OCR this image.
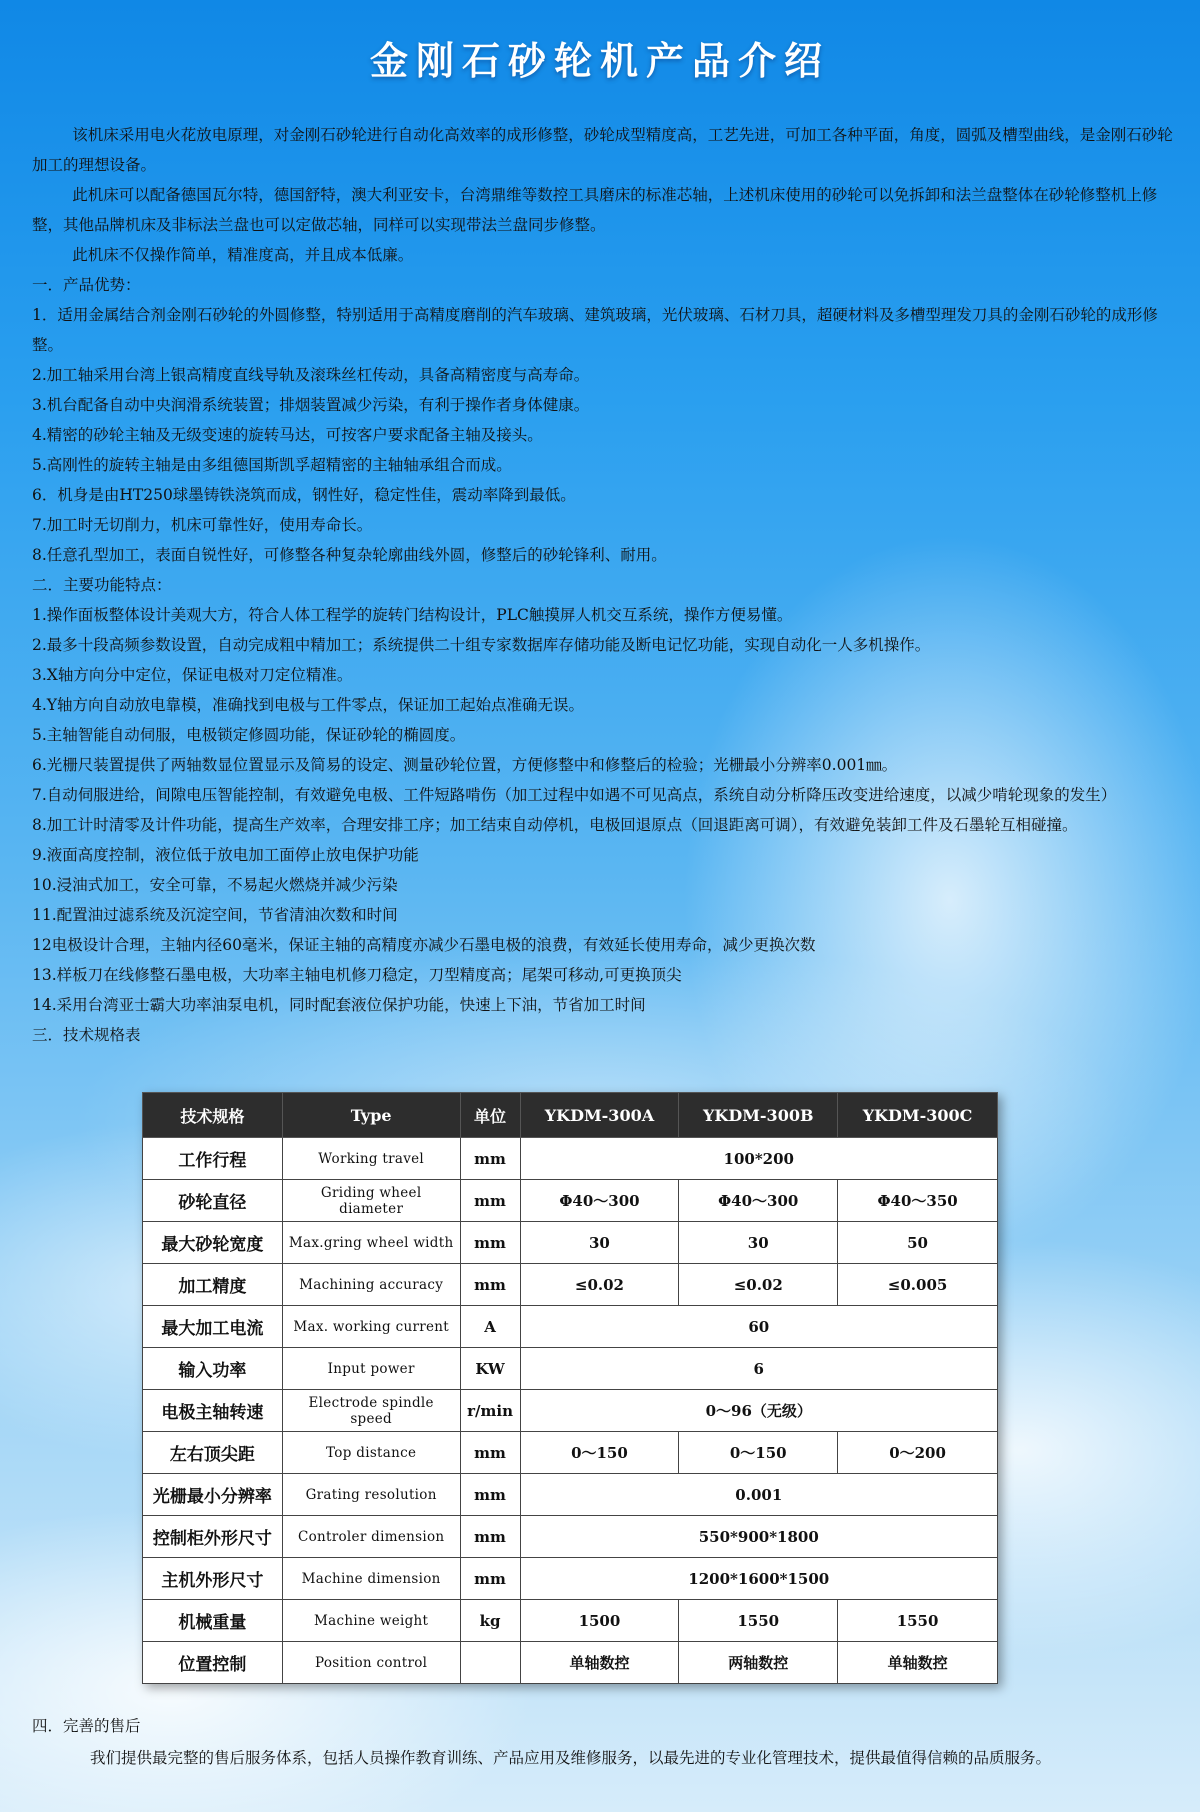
金刚石砂轮机产品介绍

该机床采用电火花放电原理，对金刚石砂轮进行自动化高效率的成形修整，砂轮成型精度高，工艺先进，可加工各种平面，角度，圆弧及槽型曲线，是金刚石砂轮加工的理想设备。

此机床可以配备德国瓦尔特，德国舒特，澳大利亚安卡，台湾鼎维等数控工具磨床的标准芯轴，上述机床使用的砂轮可以免拆卸和法兰盘整体在砂轮修整机上修整，其他品牌机床及非标法兰盘也可以定做芯轴，同样可以实现带法兰盘同步修整。

此机床不仅操作简单，精准度高，并且成本低廉。

一．产品优势：

1．适用金属结合剂金刚石砂轮的外圆修整，特别适用于高精度磨削的汽车玻璃、建筑玻璃，光伏玻璃、石材刀具，超硬材料及多槽型理发刀具的金刚石砂轮的成形修整。

2.加工轴采用台湾上银高精度直线导轨及滚珠丝杠传动，具备高精密度与高寿命。

3.机台配备自动中央润滑系统装置；排烟装置减少污染，有利于操作者身体健康。

4.精密的砂轮主轴及无级变速的旋转马达，可按客户要求配备主轴及接头。

5.高刚性的旋转主轴是由多组德国斯凯孚超精密的主轴轴承组合而成。

6．机身是由HT250球墨铸铁浇筑而成，钢性好，稳定性佳，震动率降到最低。

7.加工时无切削力，机床可靠性好，使用寿命长。

8.任意孔型加工，表面自锐性好，可修整各种复杂轮廓曲线外圆，修整后的砂轮锋利、耐用。

二．主要功能特点：

1.操作面板整体设计美观大方，符合人体工程学的旋转门结构设计，PLC触摸屏人机交互系统，操作方便易懂。

2.最多十段高频参数设置，自动完成粗中精加工；系统提供二十组专家数据库存储功能及断电记忆功能，实现自动化一人多机操作。

3.X轴方向分中定位，保证电极对刀定位精准。

4.Y轴方向自动放电靠模，准确找到电极与工件零点，保证加工起始点准确无误。

5.主轴智能自动伺服，电极锁定修圆功能，保证砂轮的椭圆度。

6.光栅尺装置提供了两轴数显位置显示及简易的设定、测量砂轮位置，方便修整中和修整后的检验；光栅最小分辨率0.001㎜。

7.自动伺服进给，间隙电压智能控制，有效避免电极、工件短路啃伤（加工过程中如遇不可见高点，系统自动分析降压改变进给速度，以减少啃轮现象的发生）

8.加工计时清零及计件功能，提高生产效率，合理安排工序；加工结束自动停机，电极回退原点（回退距离可调），有效避免装卸工件及石墨轮互相碰撞。

9.液面高度控制，液位低于放电加工面停止放电保护功能

10.浸油式加工，安全可靠，不易起火燃烧并减少污染

11.配置油过滤系统及沉淀空间，节省清油次数和时间

12电极设计合理，主轴内径60毫米，保证主轴的高精度亦减少石墨电极的浪费，有效延长使用寿命，减少更换次数

13.样板刀在线修整石墨电极，大功率主轴电机修刀稳定，刀型精度高；尾架可移动,可更换顶尖

14.采用台湾亚士霸大功率油泵电机，同时配套液位保护功能，快速上下油，节省加工时间

三．技术规格表

技术规格	Type	单位	YKDM-300A	YKDM-300B	YKDM-300C
工作行程	Working travel	mm	100*200		
砂轮直径	Griding wheel diameter	mm	Φ40～300	Φ40～300	Φ40～350
最大砂轮宽度	Max.gring wheel width	mm	30	30	50
加工精度	Machining accuracy	mm	≤0.02	≤0.02	≤0.005
最大加工电流	Max. working current	A	60		
输入功率	Input power	KW	6		
电极主轴转速	Electrode spindle speed	r/min	0～96（无级）		
左右顶尖距	Top distance	mm	0～150	0～150	0～200
光栅最小分辨率	Grating resolution	mm	0.001		
控制柜外形尺寸	Controler dimension	mm	550*900*1800		
主机外形尺寸	Machine dimension	mm	1200*1600*1500		
机械重量	Machine weight	kg	1500	1550	1550
位置控制	Position control		单轴数控	两轴数控	单轴数控

四．完善的售后

我们提供最完整的售后服务体系，包括人员操作教育训练、产品应用及维修服务，以最先进的专业化管理技术，提供最值得信赖的品质服务。
